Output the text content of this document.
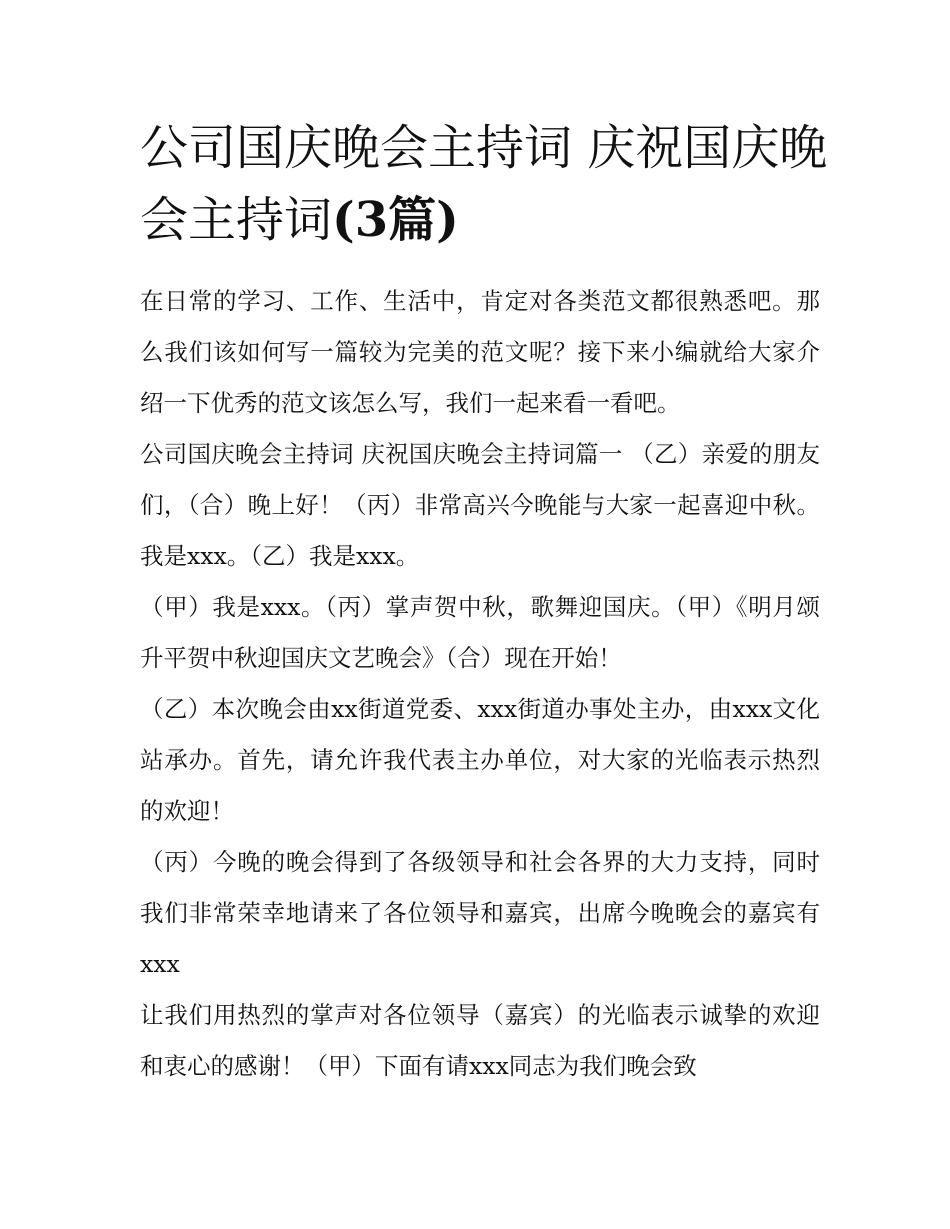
公司国庆晚会主持词 庆祝国庆晚会主持词(3篇)

在日常的学习、工作、生活中，肯定对各类范文都很熟悉吧。那么我们该如何写一篇较为完美的范文呢？接下来小编就给大家介绍一下优秀的范文该怎么写，我们一起来看一看吧。

公司国庆晚会主持词 庆祝国庆晚会主持词篇一 （乙）亲爱的朋友们，（合）晚上好！（丙）非常高兴今晚能与大家一起喜迎中秋。我是xxx。（乙）我是xxx。

（甲）我是xxx。（丙）掌声贺中秋，歌舞迎国庆。（甲）《明月颂升平贺中秋迎国庆文艺晚会》（合）现在开始！

（乙）本次晚会由xx街道党委、xxx街道办事处主办，由xxx文化站承办。首先，请允许我代表主办单位，对大家的光临表示热烈的欢迎！

（丙）今晚的晚会得到了各级领导和社会各界的大力支持，同时我们非常荣幸地请来了各位领导和嘉宾，出席今晚晚会的嘉宾有xxx

让我们用热烈的掌声对各位领导（嘉宾）的光临表示诚挚的欢迎和衷心的感谢！（甲）下面有请xxx同志为我们晚会致
